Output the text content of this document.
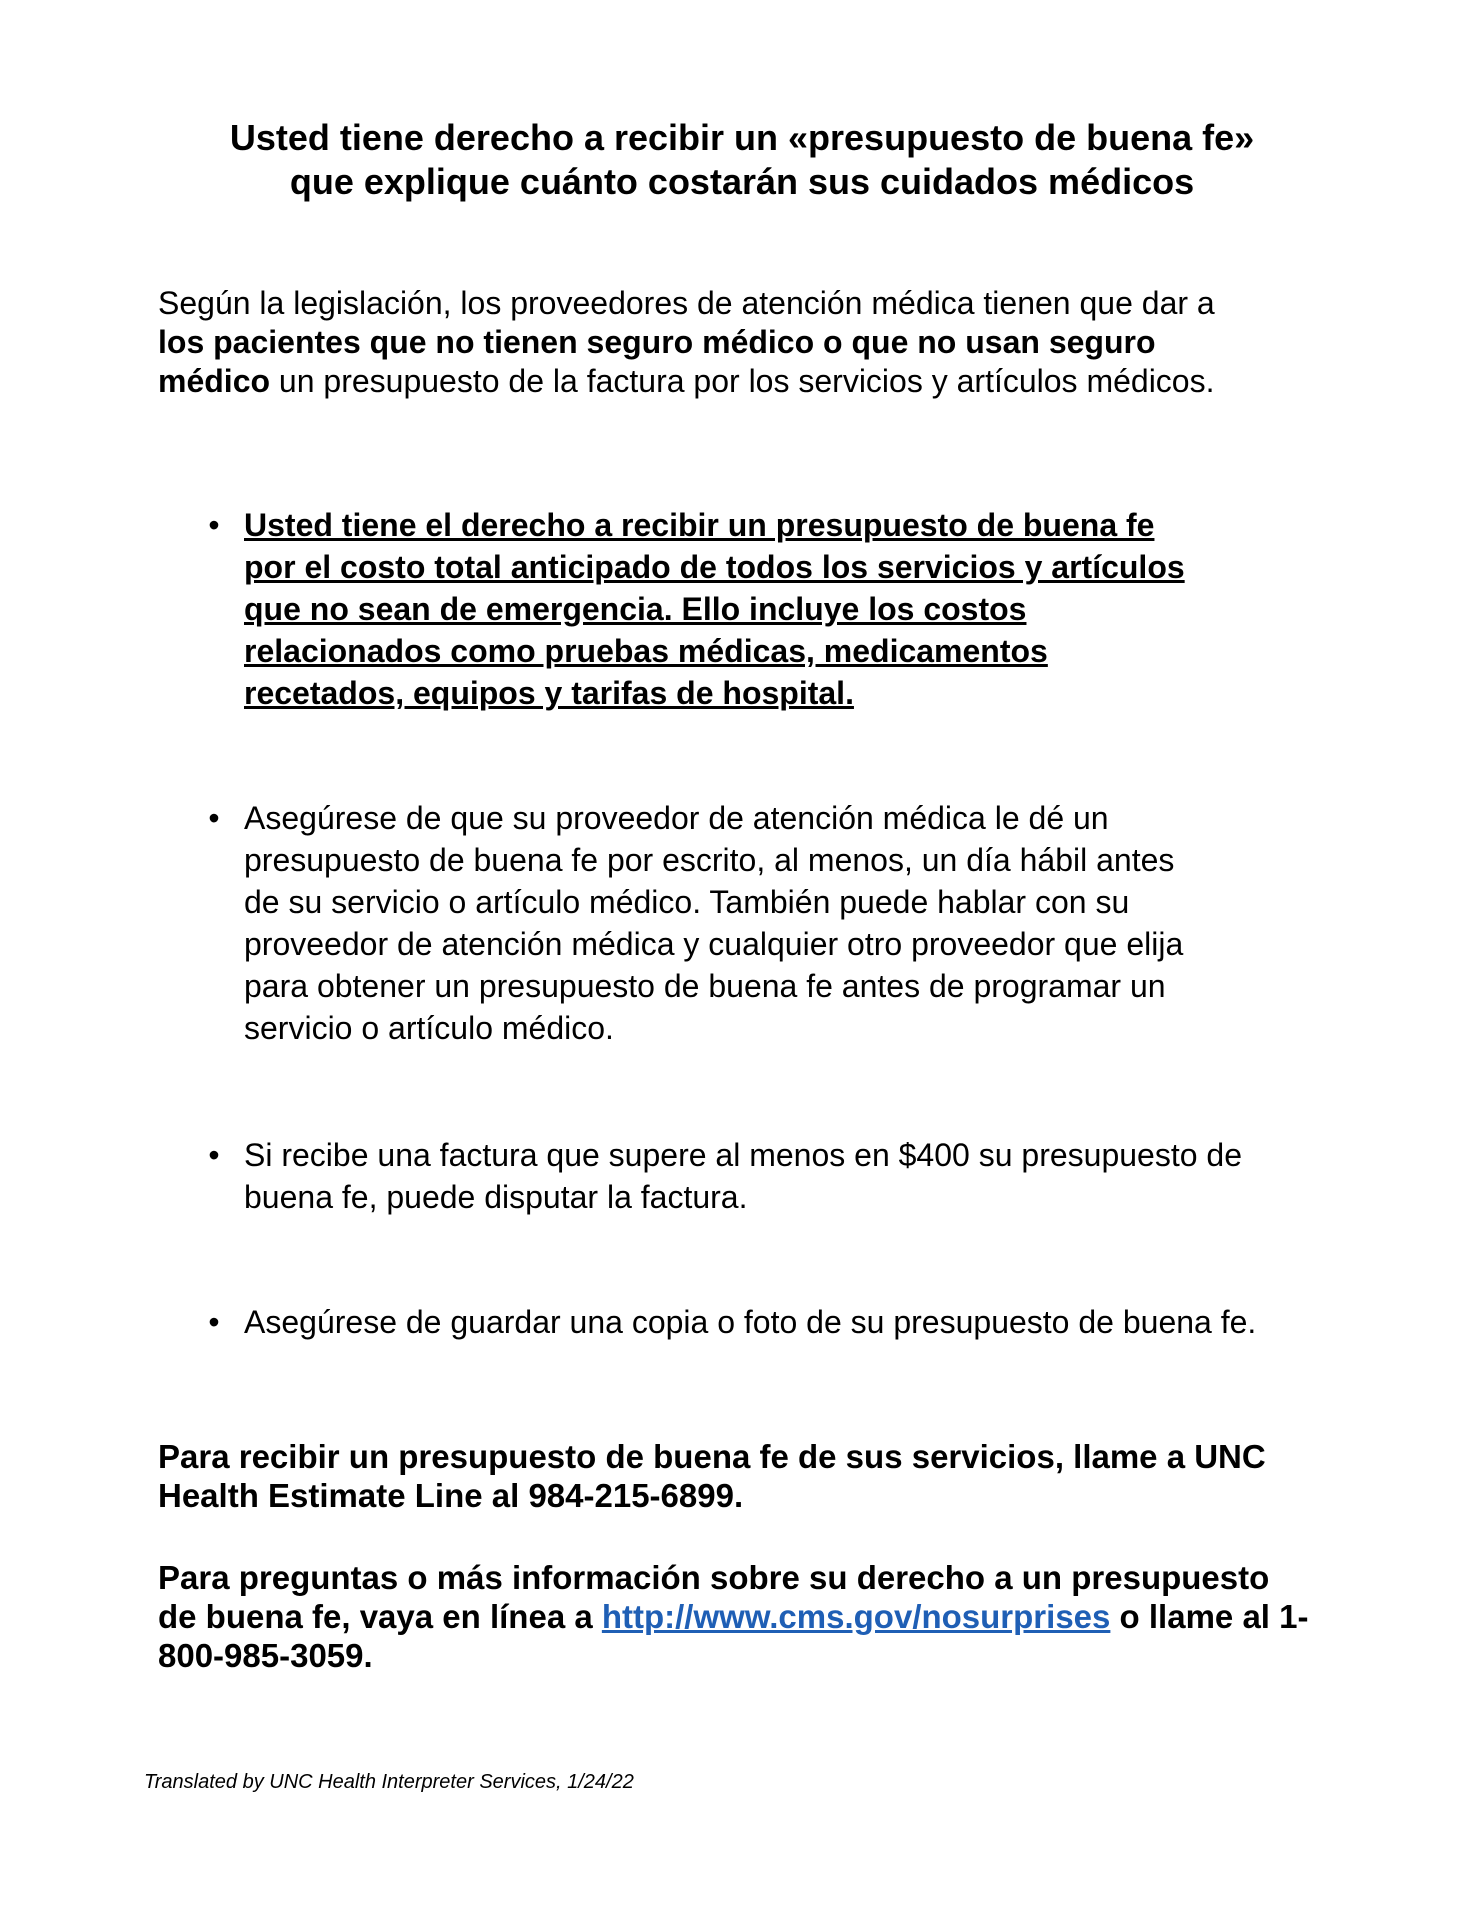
Usted tiene derecho a recibir un «presupuesto de buena fe»
que explique cuánto costarán sus cuidados médicos

Según la legislación, los proveedores de atención médica tienen que dar a
los pacientes que no tienen seguro médico o que no usan seguro
médico un presupuesto de la factura por los servicios y artículos médicos.

• Usted tiene el derecho a recibir un presupuesto de buena fe
por el costo total anticipado de todos los servicios y artículos
que no sean de emergencia. Ello incluye los costos
relacionados como pruebas médicas, medicamentos
recetados, equipos y tarifas de hospital.
• Asegúrese de que su proveedor de atención médica le dé un
presupuesto de buena fe por escrito, al menos, un día hábil antes
de su servicio o artículo médico. También puede hablar con su
proveedor de atención médica y cualquier otro proveedor que elija
para obtener un presupuesto de buena fe antes de programar un
servicio o artículo médico.
• Si recibe una factura que supere al menos en $400 su presupuesto de
buena fe, puede disputar la factura.
• Asegúrese de guardar una copia o foto de su presupuesto de buena fe.

Para recibir un presupuesto de buena fe de sus servicios, llame a UNC
Health Estimate Line al 984-215-6899.

Para preguntas o más información sobre su derecho a un presupuesto
de buena fe, vaya en línea a http://www.cms.gov/nosurprises o llame al 1-
800-985-3059.

Translated by UNC Health Interpreter Services, 1/24/22
